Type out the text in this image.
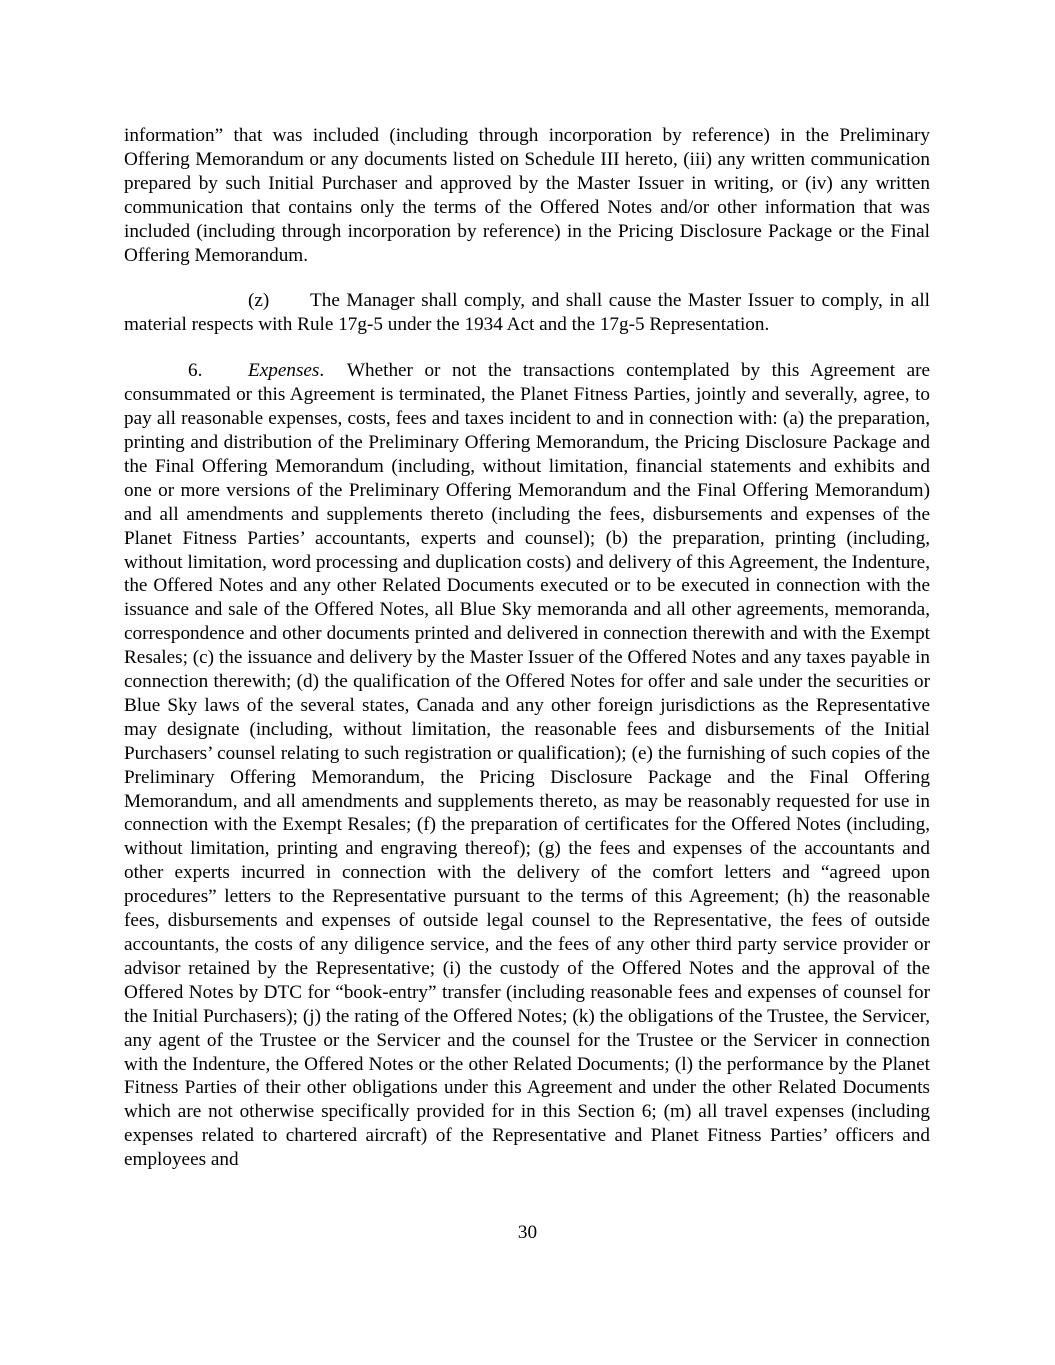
information” that was included (including through incorporation by reference) in the Preliminary Offering Memorandum or any documents listed on Schedule III hereto, (iii) any written communication prepared by such Initial Purchaser and approved by the Master Issuer in writing, or (iv) any written communication that contains only the terms of the Offered Notes and/or other information that was included (including through incorporation by reference) in the Pricing Disclosure Package or the Final Offering Memorandum.

(z) The Manager shall comply, and shall cause the Master Issuer to comply, in all material respects with Rule 17g-5 under the 1934 Act and the 17g-5 Representation.

6. Expenses. Whether or not the transactions contemplated by this Agreement are consummated or this Agreement is terminated, the Planet Fitness Parties, jointly and severally, agree, to pay all reasonable expenses, costs, fees and taxes incident to and in connection with: (a) the preparation, printing and distribution of the Preliminary Offering Memorandum, the Pricing Disclosure Package and the Final Offering Memorandum (including, without limitation, financial statements and exhibits and one or more versions of the Preliminary Offering Memorandum and the Final Offering Memorandum) and all amendments and supplements thereto (including the fees, disbursements and expenses of the Planet Fitness Parties’ accountants, experts and counsel); (b) the preparation, printing (including, without limitation, word processing and duplication costs) and delivery of this Agreement, the Indenture, the Offered Notes and any other Related Documents executed or to be executed in connection with the issuance and sale of the Offered Notes, all Blue Sky memoranda and all other agreements, memoranda, correspondence and other documents printed and delivered in connection therewith and with the Exempt Resales; (c) the issuance and delivery by the Master Issuer of the Offered Notes and any taxes payable in connection therewith; (d) the qualification of the Offered Notes for offer and sale under the securities or Blue Sky laws of the several states, Canada and any other foreign jurisdictions as the Representative may designate (including, without limitation, the reasonable fees and disbursements of the Initial Purchasers’ counsel relating to such registration or qualification); (e) the furnishing of such copies of the Preliminary Offering Memorandum, the Pricing Disclosure Package and the Final Offering Memorandum, and all amendments and supplements thereto, as may be reasonably requested for use in connection with the Exempt Resales; (f) the preparation of certificates for the Offered Notes (including, without limitation, printing and engraving thereof); (g) the fees and expenses of the accountants and other experts incurred in connection with the delivery of the comfort letters and “agreed upon procedures” letters to the Representative pursuant to the terms of this Agreement; (h) the reasonable fees, disbursements and expenses of outside legal counsel to the Representative, the fees of outside accountants, the costs of any diligence service, and the fees of any other third party service provider or advisor retained by the Representative; (i) the custody of the Offered Notes and the approval of the Offered Notes by DTC for “book-entry” transfer (including reasonable fees and expenses of counsel for the Initial Purchasers); (j) the rating of the Offered Notes; (k) the obligations of the Trustee, the Servicer, any agent of the Trustee or the Servicer and the counsel for the Trustee or the Servicer in connection with the Indenture, the Offered Notes or the other Related Documents; (l) the performance by the Planet Fitness Parties of their other obligations under this Agreement and under the other Related Documents which are not otherwise specifically provided for in this Section 6; (m) all travel expenses (including expenses related to chartered aircraft) of the Representative and Planet Fitness Parties’ officers and employees and

30
